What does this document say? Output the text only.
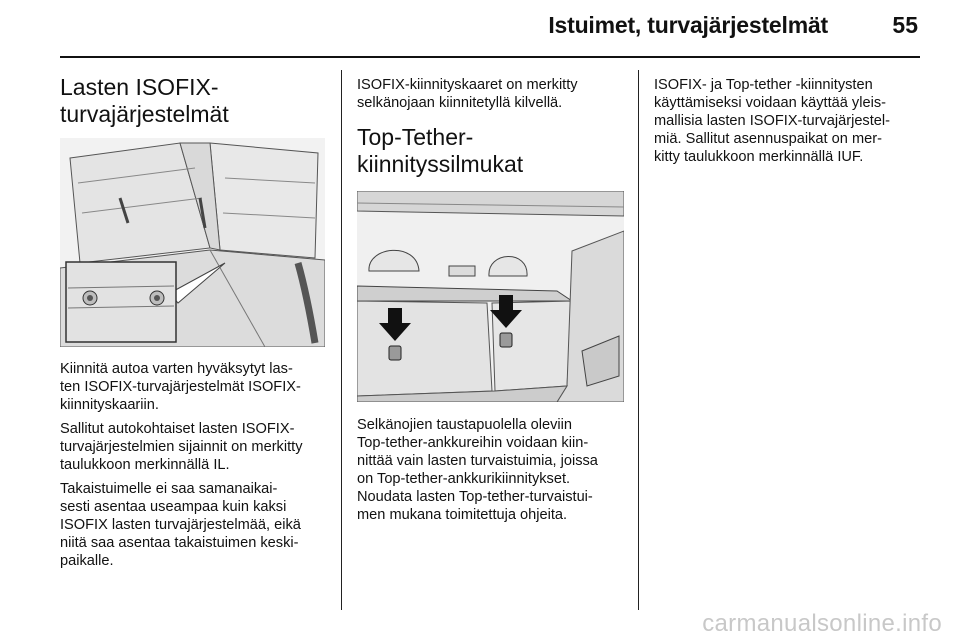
Istuimet, turvajärjestelmät	55
Lasten ISOFIX-
turvajärjestelmät

Kiinnitä autoa varten hyväksytyt las-
ten ISOFIX-turvajärjestelmät ISOFIX-
kiinnityskaariin.

Sallitut autokohtaiset lasten ISOFIX-
turvajärjestelmien sijainnit on merkitty
taulukkoon merkinnällä IL.

Takaistuimelle ei saa samanaikai-
sesti asentaa useampaa kuin kaksi
ISOFIX lasten turvajärjestelmää, eikä
niitä saa asentaa takaistuimen keski-
paikalle.

ISOFIX-kiinnityskaaret on merkitty
selkänojaan kiinnitetyllä kilvellä.

Top-Tether-
kiinnityssilmukat

Selkänojien taustapuolella oleviin
Top-tether-ankkureihin voidaan kiin-
nittää vain lasten turvaistuimia, joissa
on Top-tether-ankkurikiinnitykset.
Noudata lasten Top-tether-turvaistui-
men mukana toimitettuja ohjeita.

ISOFIX- ja Top-tether -kiinnitysten
käyttämiseksi voidaan käyttää yleis-
mallisia lasten ISOFIX-turvajärjestel-
miä. Sallitut asennuspaikat on mer-
kitty taulukkoon merkinnällä IUF.

carmanualsonline.info
